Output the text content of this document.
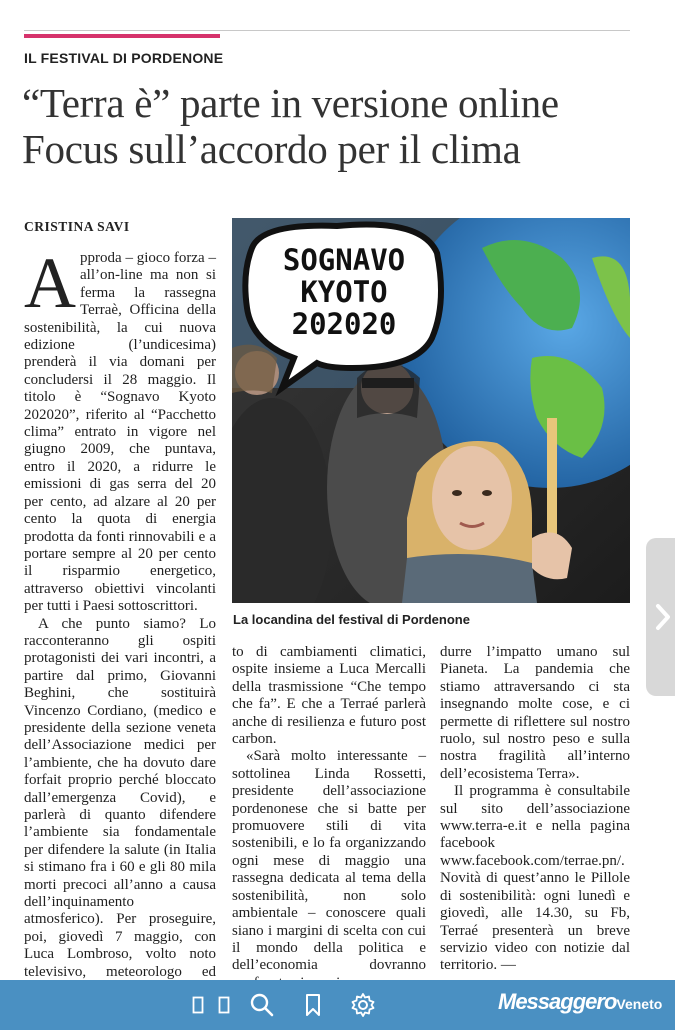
IL FESTIVAL DI PORDENONE
“Terra è” parte in versione online
Focus sull’accordo per il clima
CRISTINA SAVI

Approda – gioco forza – all’on-line ma non si ferma la rassegna Terraè, Officina della sostenibilità, la cui nuova edizione (l’undicesima) prenderà il via domani per concludersi il 28 maggio. Il titolo è “Sognavo Kyoto 202020”, riferito al “Pacchetto clima” entrato in vigore nel giugno 2009, che puntava, entro il 2020, a ridurre le emissioni di gas serra del 20 per cento, ad alzare al 20 per cento la quota di energia prodotta da fonti rinnovabili e a portare sempre al 20 per cento il risparmio energetico, attraverso obiettivi vincolanti per tutti i Paesi sottoscrittori.

A che punto siamo? Lo racconteranno gli ospiti protagonisti dei vari incontri, a partire dal primo, Giovanni Beghini, che sostituirà Vincenzo Cordiano, (medico e presidente della sezione veneta dell’Associazione medici per l’ambiente, che ha dovuto dare forfait proprio perché bloccato dall’emergenza Covid), e parlerà di quanto difendere l’ambiente sia fondamentale per difendere la salute (in Italia si stimano fra i 60 e gli 80 mila morti precoci all’anno a causa dell’inquinamento atmosferico). Per proseguire, poi, giovedì 7 maggio, con Luca Lombroso, volto noto televisivo, meteorologo ed

SOGNAVO
KYOTO
202020
La locandina del festival di Pordenone

to di cambiamenti climatici, ospite insieme a Luca Mercalli della trasmissione “Che tempo che fa”. E che a Terraé parlerà anche di resilienza e futuro post carbon.

«Sarà molto interessante – sottolinea Linda Rossetti, presidente dell’associazione pordenonese che si batte per promuovere stili di vita sostenibili, e lo fa organizzando ogni mese di maggio una rassegna dedicata al tema della sostenibilità, non solo ambientale – conoscere quali siano i margini di scelta con cui il mondo della politica e dell’economia dovranno

durre l’impatto umano sul Pianeta. La pandemia che stiamo attraversando ci sta insegnando molte cose, e ci permette di riflettere sul nostro ruolo, sul nostro peso e sulla nostra fragilità all’interno dell’ecosistema Terra».

Il programma è consultabile sul sito dell’associazione www.terra-e.it e nella pagina facebook www.facebook.com/terrae.pn/. Novità di quest’anno le Pillole di sostenibilità: ogni lunedì e giovedì, alle 14.30, su Fb, Terraé presenterà un breve servizio video con notizie dal territorio. —

MessaggeroVeneto
